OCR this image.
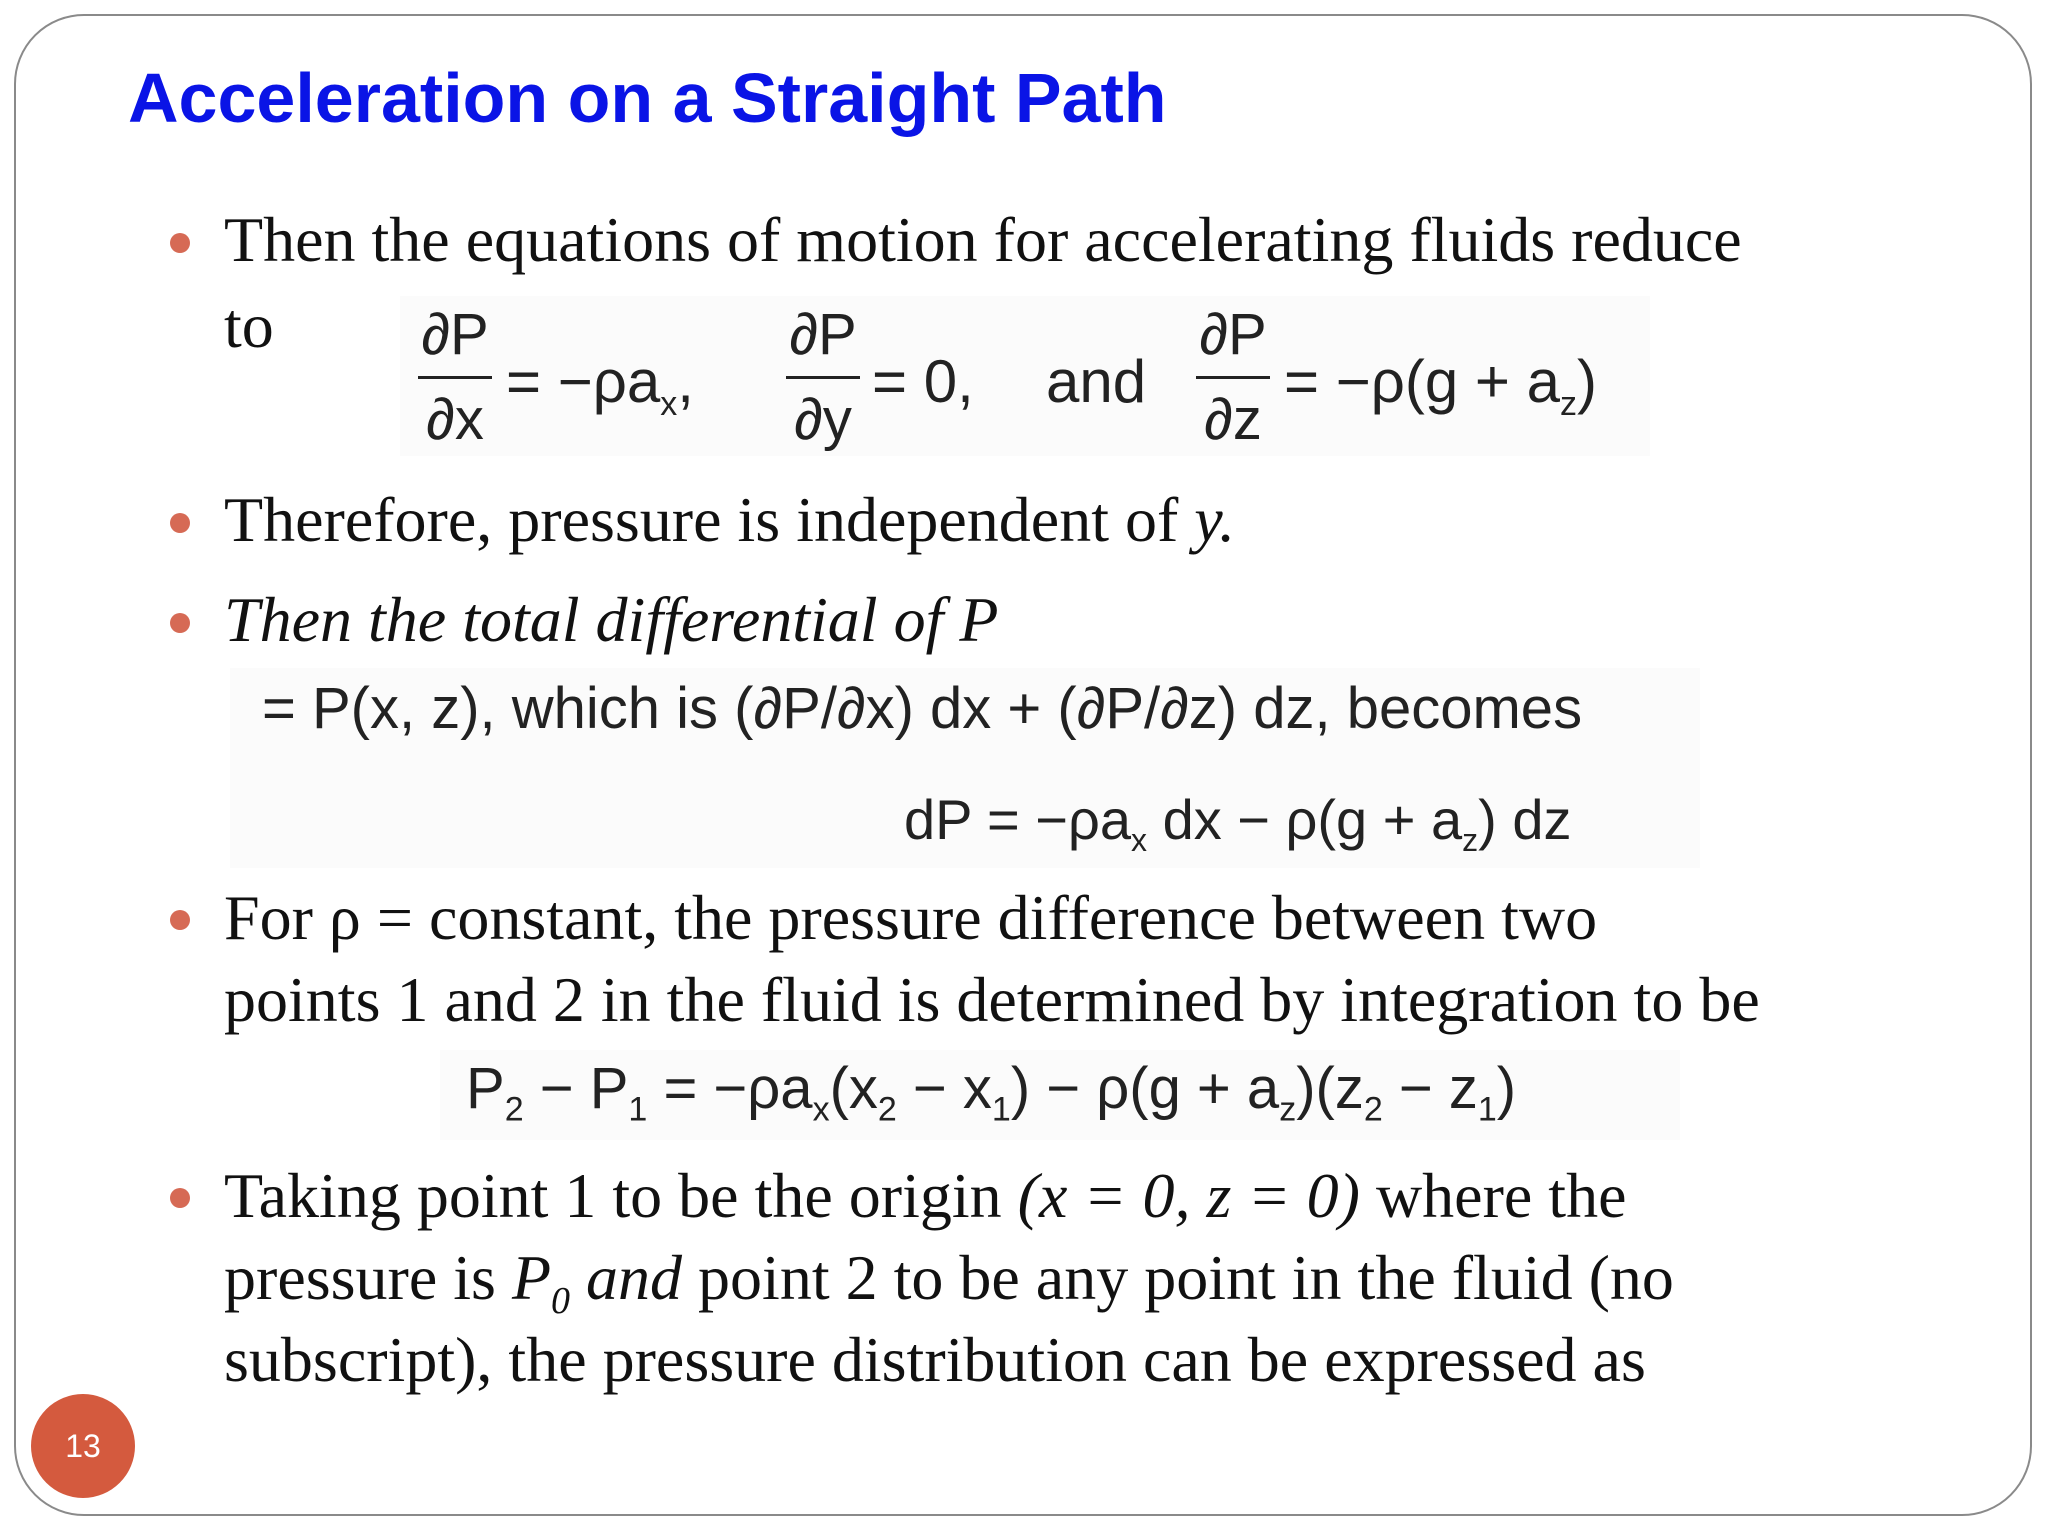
Acceleration on a Straight Path
Then the equations of motion for accelerating fluids reduce
to	∂P
∂x
= $-\rho a_x$,
∂P
∂y
= 0, and
∂P
∂z
= $-\rho(g + a_z)$
Therefore, pressure is independent of y.
Then the total differential of P
= P(x, z), which is (∂P/∂x) dx + (∂P/∂z) dz, becomes
dP = $-\rho a_x$ dx − $\rho(g + a_z)$ dz
For ρ = constant, the pressure difference between two
points 1 and 2 in the fluid is determined by integration to be
$P_2 - P_1 = -\rho a_x(x_2 - x_1) - \rho(g + a_z)(z_2 - z_1)$
Taking point 1 to be the origin (x = 0, z = 0) where the
pressure is $P_0$ and point 2 to be any point in the fluid (no
subscript), the pressure distribution can be expressed as
13
